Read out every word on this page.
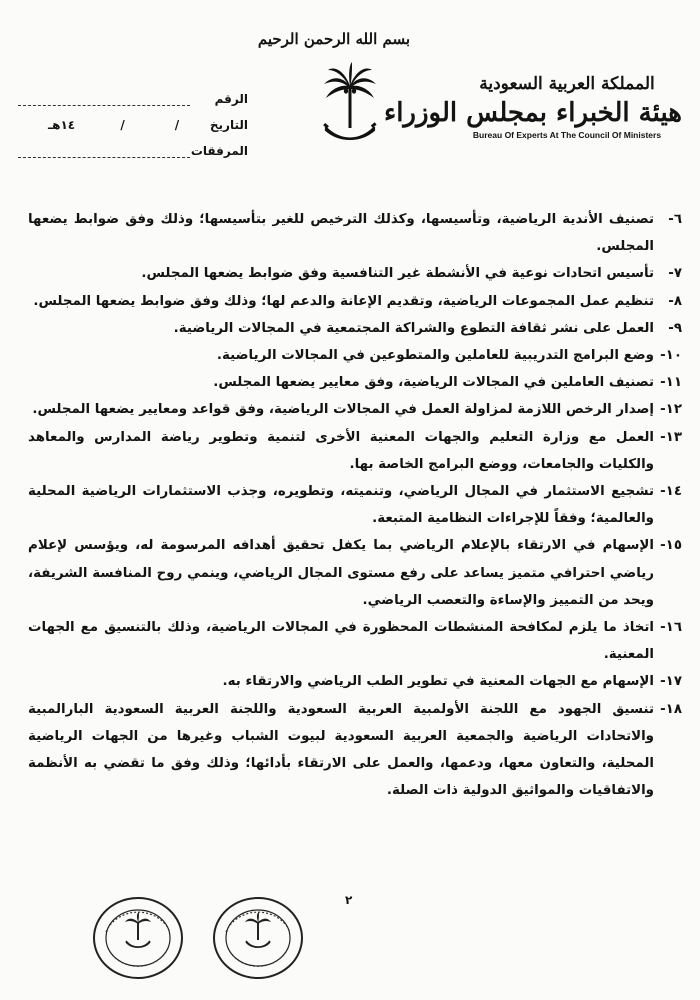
بسم الله الرحمن الرحيم
الرقم
التاريخ
/
/
١٤هـ
المرفقات
المملكة العربية السعودية
هيئة الخبراء بمجلس الوزراء
Bureau Of Experts At The Council Of Ministers
٦-
تصنيف الأندية الرياضية، وتأسيسها، وكذلك الترخيص للغير بتأسيسها؛ وذلك وفق ضوابط يضعها المجلس.
٧-
تأسيس اتحادات نوعية في الأنشطة غير التنافسية وفق ضوابط يضعها المجلس.
٨-
تنظيم عمل المجموعات الرياضية، وتقديم الإعانة والدعم لها؛ وذلك وفق ضوابط يضعها المجلس.
٩-
العمل على نشر ثقافة التطوع والشراكة المجتمعية في المجالات الرياضية.
١٠-
وضع البرامج التدريبية للعاملين والمتطوعين في المجالات الرياضية.
١١-
تصنيف العاملين في المجالات الرياضية، وفق معايير يضعها المجلس.
١٢-
إصدار الرخص اللازمة لمزاولة العمل في المجالات الرياضية، وفق قواعد ومعايير يضعها المجلس.
١٣-
العمل مع وزارة التعليم والجهات المعنية الأخرى لتنمية وتطوير رياضة المدارس والمعاهد والكليات والجامعات، ووضع البرامج الخاصة بها.
١٤-
تشجيع الاستثمار في المجال الرياضي، وتنميته، وتطويره، وجذب الاستثمارات الرياضية المحلية والعالمية؛ وفقاً للإجراءات النظامية المتبعة.
١٥-
الإسهام في الارتقاء بالإعلام الرياضي بما يكفل تحقيق أهدافه المرسومة له، ويؤسس لإعلام رياضي احترافي متميز يساعد على رفع مستوى المجال الرياضي، وينمي روح المنافسة الشريفة، ويحد من التمييز والإساءة والتعصب الرياضي.
١٦-
اتخاذ ما يلزم لمكافحة المنشطات المحظورة في المجالات الرياضية، وذلك بالتنسيق مع الجهات المعنية.
١٧-
الإسهام مع الجهات المعنية في تطوير الطب الرياضي والارتقاء به.
١٨-
تنسيق الجهود مع اللجنة الأولمبية العربية السعودية واللجنة العربية السعودية البارالمبية والاتحادات الرياضية والجمعية العربية السعودية لبيوت الشباب وغيرها من الجهات الرياضية المحلية، والتعاون معها، ودعمها، والعمل على الارتقاء بأدائها؛ وذلك وفق ما تقضي به الأنظمة والاتفاقيات والمواثيق الدولية ذات الصلة.
٢
